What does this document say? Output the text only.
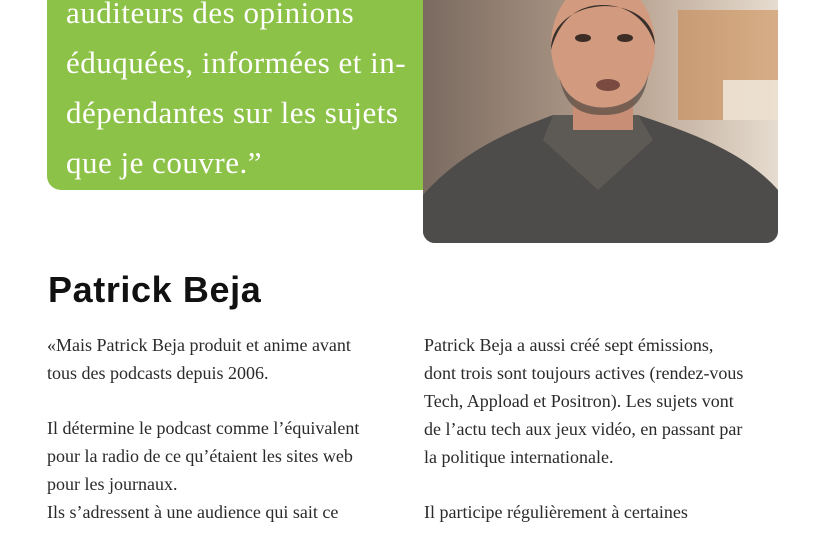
auditeurs des opinions
éduquées, informées et in-
dépendantes sur les sujets
que je couvre.”
Patrick Beja

«Mais Patrick Beja produit et anime avant
tous des podcasts depuis 2006.

Il détermine le podcast comme l’équivalent
pour la radio de ce qu’étaient les sites web
pour les journaux.
Ils s’adressent à une audience qui sait ce

Patrick Beja a aussi créé sept émissions,
dont trois sont toujours actives (rendez-vous
Tech, Appload et Positron). Les sujets vont
de l’actu tech aux jeux vidéo, en passant par
la politique internationale.

Il participe régulièrement à certaines
